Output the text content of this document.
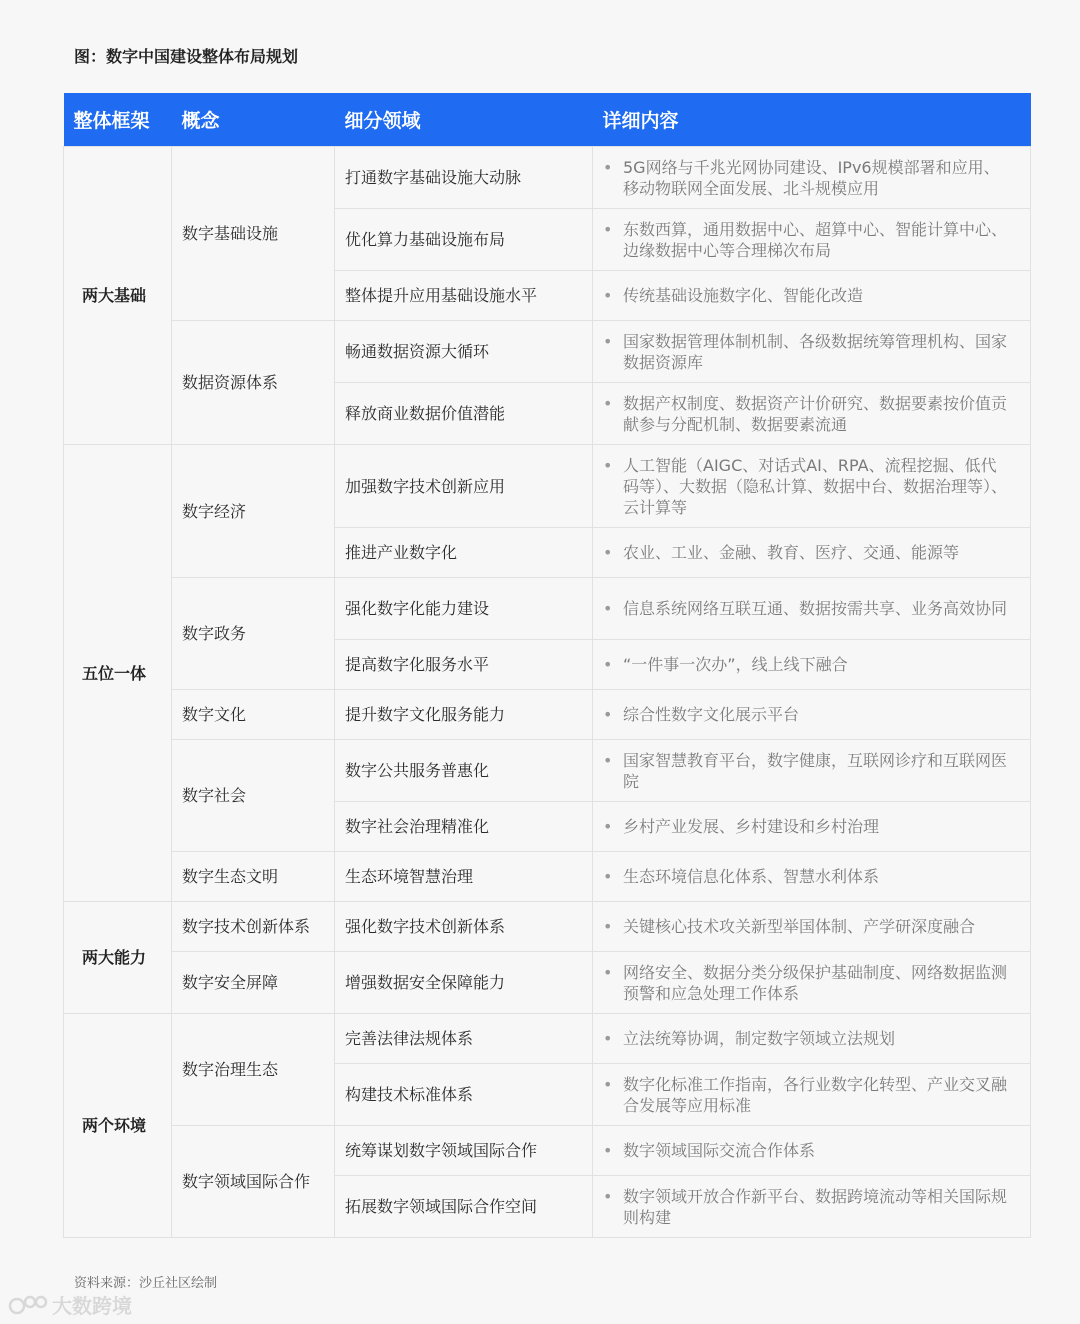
图：数字中国建设整体布局规划
整体框架	概念	细分领域	详细内容
两大基础	数字基础设施	打通数字基础设施大动脉	• 5G网络与千兆光网协同建设、IPv6规模部署和应用、移动物联网全面发展、北斗规模应用

		优化算力基础设施布局	• 东数西算，通用数据中心、超算中心、智能计算中心、边缘数据中心等合理梯次布局

		整体提升应用基础设施水平	• 传统基础设施数字化、智能化改造

	数据资源体系	畅通数据资源大循环	• 国家数据管理体制机制、各级数据统筹管理机构、国家数据资源库

		释放商业数据价值潜能	• 数据产权制度、数据资产计价研究、数据要素按价值贡献参与分配机制、数据要素流通

五位一体	数字经济	加强数字技术创新应用	• 人工智能（AIGC、对话式AI、RPA、流程挖掘、低代码等）、大数据（隐私计算、数据中台、数据治理等）、云计算等

		推进产业数字化	• 农业、工业、金融、教育、医疗、交通、能源等

	数字政务	强化数字化能力建设	• 信息系统网络互联互通、数据按需共享、业务高效协同

		提高数字化服务水平	• “一件事一次办”，线上线下融合

	数字文化	提升数字文化服务能力	• 综合性数字文化展示平台

	数字社会	数字公共服务普惠化	• 国家智慧教育平台，数字健康，互联网诊疗和互联网医院

		数字社会治理精准化	• 乡村产业发展、乡村建设和乡村治理

	数字生态文明	生态环境智慧治理	• 生态环境信息化体系、智慧水利体系

两大能力	数字技术创新体系	强化数字技术创新体系	• 关键核心技术攻关新型举国体制、产学研深度融合

	数字安全屏障	增强数据安全保障能力	• 网络安全、数据分类分级保护基础制度、网络数据监测预警和应急处理工作体系

两个环境	数字治理生态	完善法律法规体系	• 立法统筹协调，制定数字领域立法规划

		构建技术标准体系	• 数字化标准工作指南，各行业数字化转型、产业交叉融合发展等应用标准

	数字领域国际合作	统筹谋划数字领域国际合作	• 数字领域国际交流合作体系

		拓展数字领域国际合作空间	• 数字领域开放合作新平台、数据跨境流动等相关国际规则构建
资料来源：沙丘社区绘制
大数跨境
